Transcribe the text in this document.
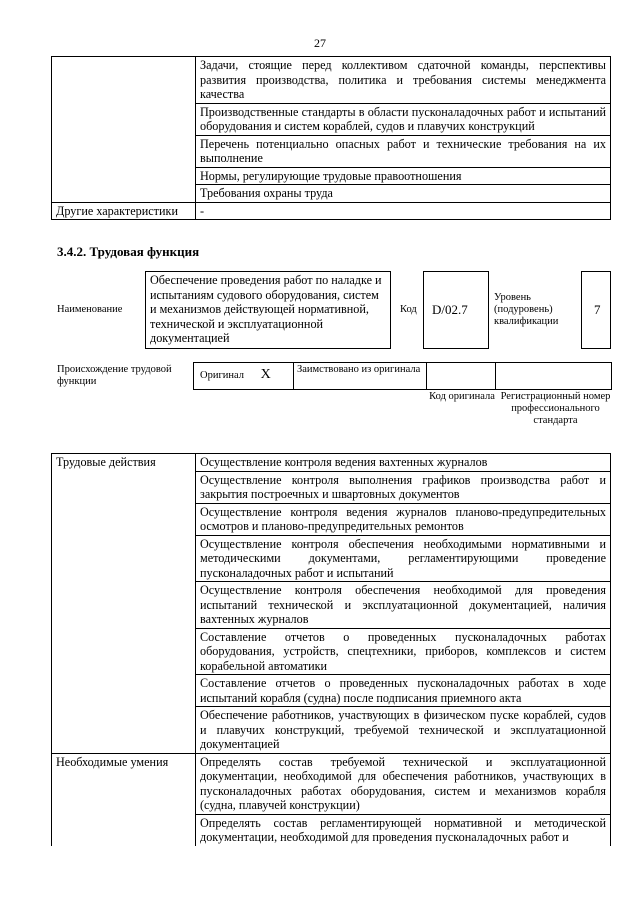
27
	Задачи, стоящие перед коллективом сдаточной команды, перспективы развития производства, политика и требования системы менеджмента качества
	Производственные стандарты в области пусконаладочных работ и испытаний оборудования и систем кораблей, судов и плавучих конструкций
	Перечень потенциально опасных работ и технические требования на их выполнение
	Нормы, регулирующие трудовые правоотношения
	Требования охраны труда
Другие характеристики	-
3.4.2. Трудовая функция
Наименование
Обеспечение проведения работ по наладке и испытаниям судового оборудования, систем и механизмов действующей нормативной, технической и эксплуатационной документацией
Код	D/02.7
Уровень (подуровень) квалификации
7
Происхождение трудовой функции
Оригинал X	Заимствовано из оригинала		
Код оригинала Регистрационный номер профессионального стандарта
Трудовые действия	Осуществление контроля ведения вахтенных журналов
	Осуществление контроля выполнения графиков производства работ и закрытия построечных и швартовных документов
	Осуществление контроля ведения журналов планово-предупредительных осмотров и планово-предупредительных ремонтов
	Осуществление контроля обеспечения необходимыми нормативными и методическими документами, регламентирующими проведение пусконаладочных работ и испытаний
	Осуществление контроля обеспечения необходимой для проведения испытаний технической и эксплуатационной документацией, наличия вахтенных журналов
	Составление отчетов о проведенных пусконаладочных работах оборудования, устройств, спецтехники, приборов, комплексов и систем корабельной автоматики
	Составление отчетов о проведенных пусконаладочных работах в ходе испытаний корабля (судна) после подписания приемного акта
	Обеспечение работников, участвующих в физическом пуске кораблей, судов и плавучих конструкций, требуемой технической и эксплуатационной документацией
Необходимые умения	Определять состав требуемой технической и эксплуатационной документации, необходимой для обеспечения работников, участвующих в пусконаладочных работах оборудования, систем и механизмов корабля (судна, плавучей конструкции)
	Определять состав регламентирующей нормативной и методической документации, необходимой для проведения пусконаладочных работ и
